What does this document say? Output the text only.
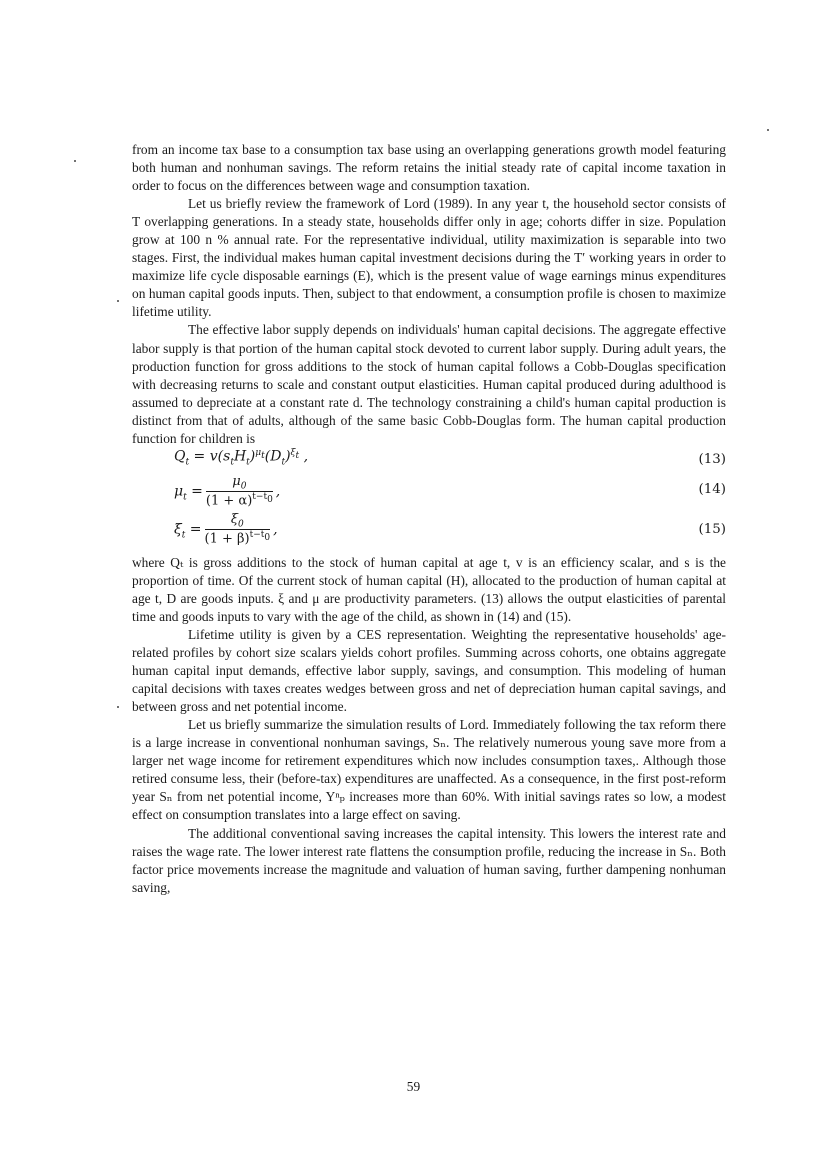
from an income tax base to a consumption tax base using an overlapping generations growth model featuring both human and nonhuman savings. The reform retains the initial steady rate of capital income taxation in order to focus on the differences between wage and consumption taxation.

Let us briefly review the framework of Lord (1989). In any year t, the household sector consists of T overlapping generations. In a steady state, households differ only in age; cohorts differ in size. Population grow at 100 n % annual rate. For the representative individual, utility maximization is separable into two stages. First, the individual makes human capital investment decisions during the T′ working years in order to maximize life cycle disposable earnings (E), which is the present value of wage earnings minus expenditures on human capital goods inputs. Then, subject to that endowment, a consumption profile is chosen to maximize lifetime utility.

The effective labor supply depends on individuals' human capital decisions. The aggregate effective labor supply is that portion of the human capital stock devoted to current labor supply. During adult years, the production function for gross additions to the stock of human capital follows a Cobb-Douglas specification with decreasing returns to scale and constant output elasticities. Human capital produced during adulthood is assumed to depreciate at a constant rate d. The technology constraining a child's human capital production is distinct from that of adults, although of the same basic Cobb-Douglas form. The human capital production function for children is

$Q_t = v(s_tH_t)^{\mu_t}(D_t)^{\xi_t}$ ,	(13)
$\mu_t = \frac{\mu_0}{(1 + \alpha)^{t-t_0}}$ ,	(14)
$\xi_t = \frac{\xi_0}{(1 + \beta)^{t-t_0}}$ ,	(15)

where Qₜ is gross additions to the stock of human capital at age t, v is an efficiency scalar, and s is the proportion of time. Of the current stock of human capital (H), allocated to the production of human capital at age t, D are goods inputs. ξ and μ are productivity parameters. (13) allows the output elasticities of parental time and goods inputs to vary with the age of the child, as shown in (14) and (15).

Lifetime utility is given by a CES representation. Weighting the representative households' age-related profiles by cohort size scalars yields cohort profiles. Summing across cohorts, one obtains aggregate human capital input demands, effective labor supply, savings, and consumption. This modeling of human capital decisions with taxes creates wedges between gross and net of depreciation human capital savings, and between gross and net potential income.

Let us briefly summarize the simulation results of Lord. Immediately following the tax reform there is a large increase in conventional nonhuman savings, Sₙ. The relatively numerous young save more from a larger net wage income for retirement expenditures which now includes consumption taxes,. Although those retired consume less, their (before-tax) expenditures are unaffected. As a consequence, in the first post-reform year Sₙ from net potential income, Yⁿₚ increases more than 60%. With initial savings rates so low, a modest effect on consumption translates into a large effect on saving.

The additional conventional saving increases the capital intensity. This lowers the interest rate and raises the wage rate. The lower interest rate flattens the consumption profile, reducing the increase in Sₙ. Both factor price movements increase the magnitude and valuation of human saving, further dampening nonhuman saving,

59
